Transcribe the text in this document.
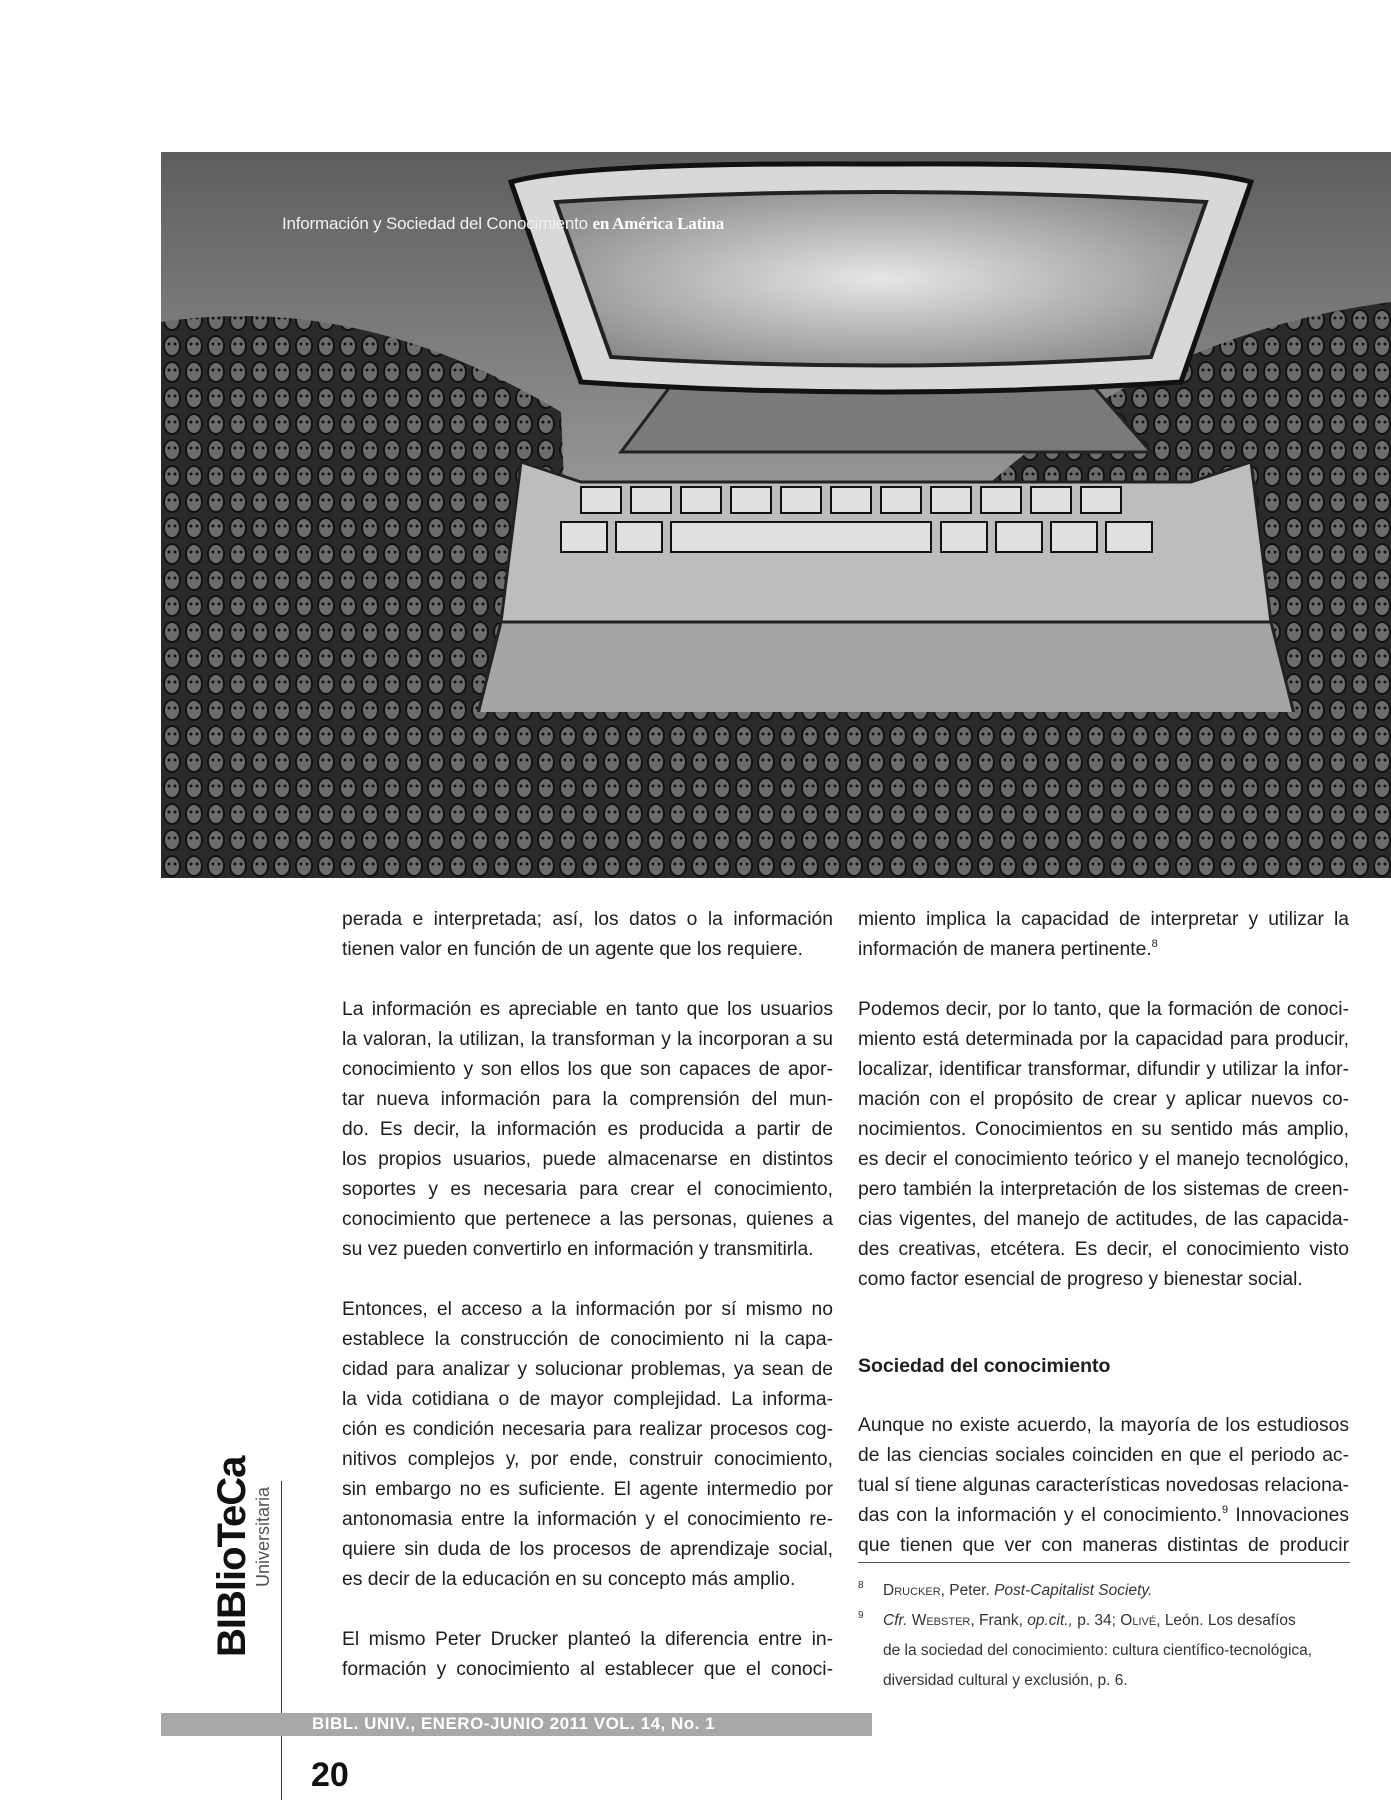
Información y Sociedad del Conocimiento en América Latina
perada e interpretada; así, los datos o la información
tienen valor en función de un agente que los requiere.
La información es apreciable en tanto que los usuarios
la valoran, la utilizan, la transforman y la incorporan a su
conocimiento y son ellos los que son capaces de apor-
tar nueva información para la comprensión del mun-
do. Es decir, la información es producida a partir de
los propios usuarios, puede almacenarse en distintos
soportes y es necesaria para crear el conocimiento,
conocimiento que pertenece a las personas, quienes a
su vez pueden convertirlo en información y transmitirla.
Entonces, el acceso a la información por sí mismo no
establece la construcción de conocimiento ni la capa-
cidad para analizar y solucionar problemas, ya sean de
la vida cotidiana o de mayor complejidad. La informa-
ción es condición necesaria para realizar procesos cog-
nitivos complejos y, por ende, construir conocimiento,
sin embargo no es suficiente. El agente intermedio por
antonomasia entre la información y el conocimiento re-
quiere sin duda de los procesos de aprendizaje social,
es decir de la educación en su concepto más amplio.
El mismo Peter Drucker planteó la diferencia entre in-
formación y conocimiento al establecer que el conoci-
miento implica la capacidad de interpretar y utilizar la
información de manera pertinente.$^8$
Podemos decir, por lo tanto, que la formación de conoci-
miento está determinada por la capacidad para producir,
localizar, identificar transformar, difundir y utilizar la infor-
mación con el propósito de crear y aplicar nuevos co-
nocimientos. Conocimientos en su sentido más amplio,
es decir el conocimiento teórico y el manejo tecnológico,
pero también la interpretación de los sistemas de creen-
cias vigentes, del manejo de actitudes, de las capacida-
des creativas, etcétera. Es decir, el conocimiento visto
como factor esencial de progreso y bienestar social.
Sociedad del conocimiento
Aunque no existe acuerdo, la mayoría de los estudiosos
de las ciencias sociales coinciden en que el periodo ac-
tual sí tiene algunas características novedosas relaciona-
das con la información y el conocimiento.$^9$ Innovaciones
que tienen que ver con maneras distintas de producir
8 Drucker, Peter. Post-Capitalist Society.
9 Cfr. Webster, Frank, op.cit., p. 34; Olivé, León. Los desafíos
de la sociedad del conocimiento: cultura científico-tecnológica,
diversidad cultural y exclusión, p. 6.
BIBlioTeCa Universitaria
BIBL. UNIV., ENERO-JUNIO 2011 VOL. 14, No. 1
20
